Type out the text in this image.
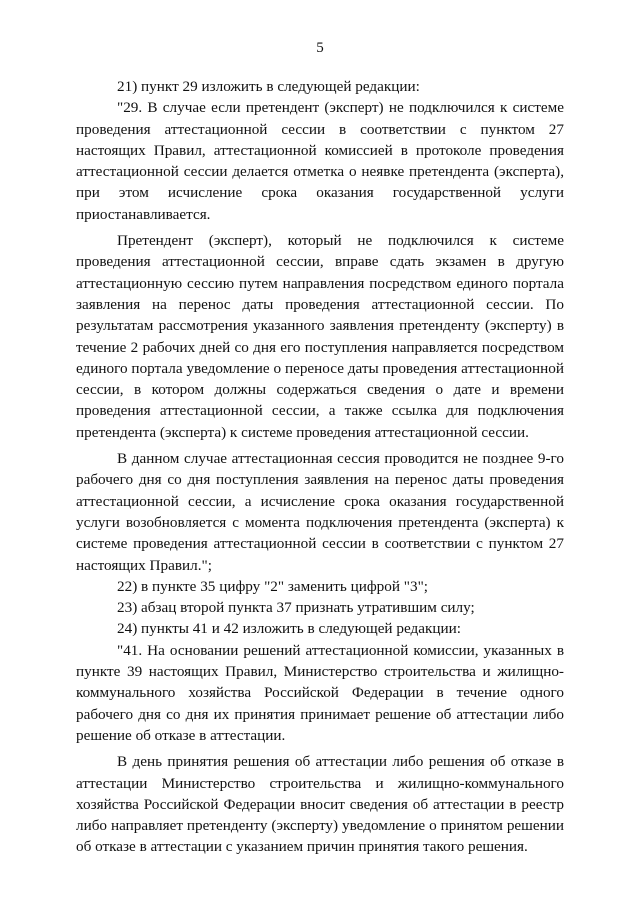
5

21) пункт 29 изложить в следующей редакции:

"29. В случае если претендент (эксперт) не подключился к системе проведения аттестационной сессии в соответствии с пунктом 27 настоящих Правил, аттестационной комиссией в протоколе проведения аттестационной сессии делается отметка о неявке претендента (эксперта), при этом исчисление срока оказания государственной услуги приостанавливается.

Претендент (эксперт), который не подключился к системе проведения аттестационной сессии, вправе сдать экзамен в другую аттестационную сессию путем направления посредством единого портала заявления на перенос даты проведения аттестационной сессии. По результатам рассмотрения указанного заявления претенденту (эксперту) в течение 2 рабочих дней со дня его поступления направляется посредством единого портала уведомление о переносе даты проведения аттестационной сессии, в котором должны содержаться сведения о дате и времени проведения аттестационной сессии, а также ссылка для подключения претендента (эксперта) к системе проведения аттестационной сессии.

В данном случае аттестационная сессия проводится не позднее 9-го рабочего дня со дня поступления заявления на перенос даты проведения аттестационной сессии, а исчисление срока оказания государственной услуги возобновляется с момента подключения претендента (эксперта) к системе проведения аттестационной сессии в соответствии с пунктом 27 настоящих Правил.";

22) в пункте 35 цифру "2" заменить цифрой "3";

23) абзац второй пункта 37 признать утратившим силу;

24) пункты 41 и 42 изложить в следующей редакции:

"41. На основании решений аттестационной комиссии, указанных в пункте 39 настоящих Правил, Министерство строительства и жилищно-коммунального хозяйства Российской Федерации в течение одного рабочего дня со дня их принятия принимает решение об аттестации либо решение об отказе в аттестации.

В день принятия решения об аттестации либо решения об отказе в аттестации Министерство строительства и жилищно-коммунального хозяйства Российской Федерации вносит сведения об аттестации в реестр либо направляет претенденту (эксперту) уведомление о принятом решении об отказе в аттестации с указанием причин принятия такого решения.
